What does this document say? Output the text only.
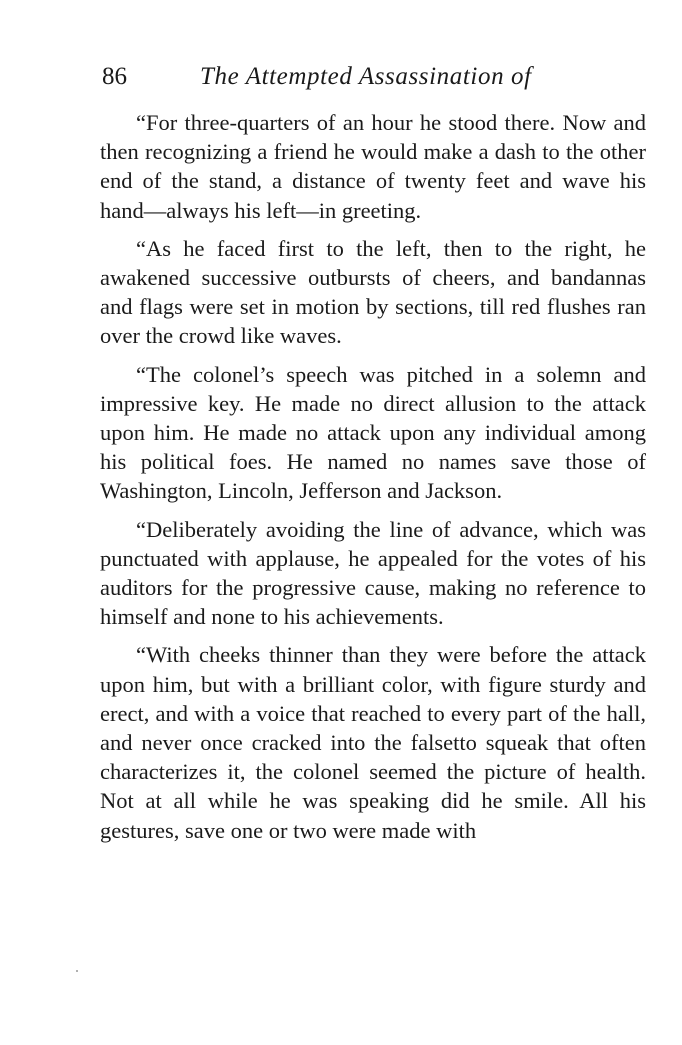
86	The Attempted Assassination of

“For three-quarters of an hour he stood there. Now and then recognizing a friend he would make a dash to the other end of the stand, a distance of twenty feet and wave his hand—always his left—in greeting.

“As he faced first to the left, then to the right, he awakened successive outbursts of cheers, and bandannas and flags were set in motion by sections, till red flushes ran over the crowd like waves.

“The colonel’s speech was pitched in a solemn and impressive key. He made no direct allusion to the attack upon him. He made no attack upon any individual among his political foes. He named no names save those of Washington, Lincoln, Jefferson and Jackson.

“Deliberately avoiding the line of advance, which was punctuated with applause, he appealed for the votes of his auditors for the progressive cause, making no reference to himself and none to his achievements.

“With cheeks thinner than they were before the attack upon him, but with a brilliant color, with figure sturdy and erect, and with a voice that reached to every part of the hall, and never once cracked into the falsetto squeak that often characterizes it, the colonel seemed the picture of health. Not at all while he was speaking did he smile. All his gestures, save one or two were made with
